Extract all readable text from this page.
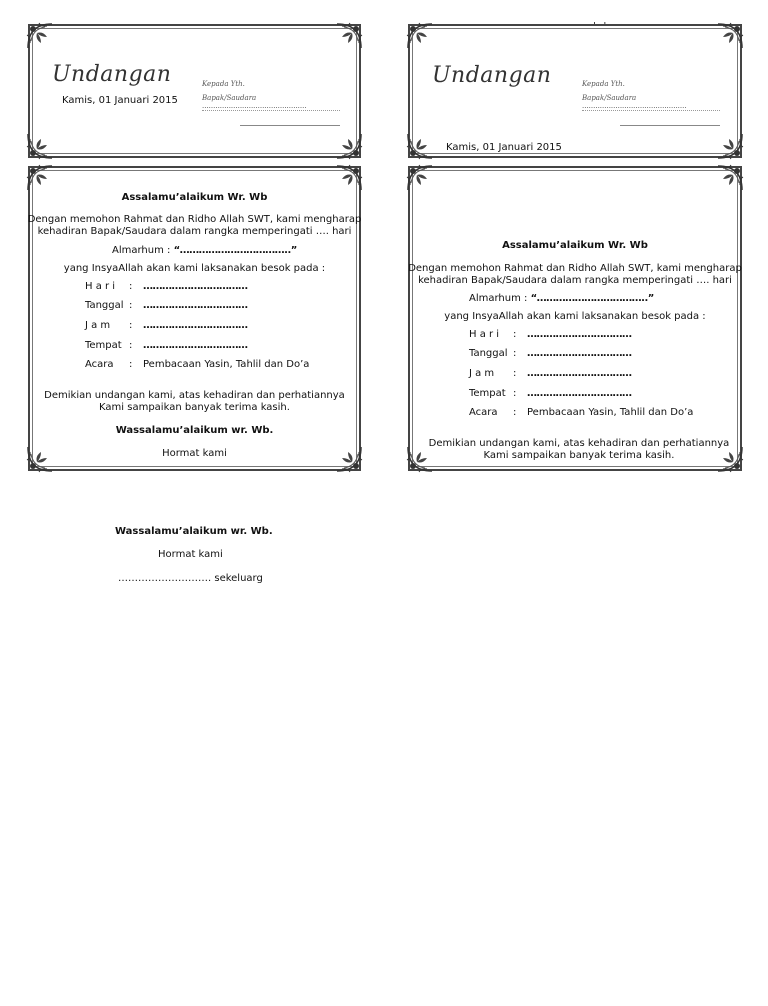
Undangan
Kamis, 01 Januari 2015
Kepada Yth.
Bapak/Saudara ...............................................
Undangan	Kepada Yth.
Bapak/Saudara ...............................................
Kamis, 01 Januari 2015
Assalamu’alaikum Wr. Wb
Dengan memohon Rahmat dan Ridho Allah SWT, kami mengharap
kehadiran Bapak/Saudara dalam rangka memperingati …. hari
Almarhum : “……………………………..”
yang InsyaAllah akan kami laksanakan besok pada :
H a r i : ……………………………
Tanggal : ……………………………
J a m : ……………………………
Tempat : ……………………………
Acara : Pembacaan Yasin, Tahlil dan Do’a
Demikian undangan kami, atas kehadiran dan perhatiannya
Kami sampaikan banyak terima kasih.
Wassalamu’alaikum wr. Wb.
Hormat kami
Assalamu’alaikum Wr. Wb
Dengan memohon Rahmat dan Ridho Allah SWT, kami mengharap
kehadiran Bapak/Saudara dalam rangka memperingati …. hari
Almarhum : “……………………………..”
yang InsyaAllah akan kami laksanakan besok pada :
H a r i : ……………………………
Tanggal : ……………………………
J a m : ……………………………
Tempat : ……………………………
Acara : Pembacaan Yasin, Tahlil dan Do’a
Demikian undangan kami, atas kehadiran dan perhatiannya
Kami sampaikan banyak terima kasih.
Wassalamu’alaikum wr. Wb.
Hormat kami
………………………. sekeluarg
